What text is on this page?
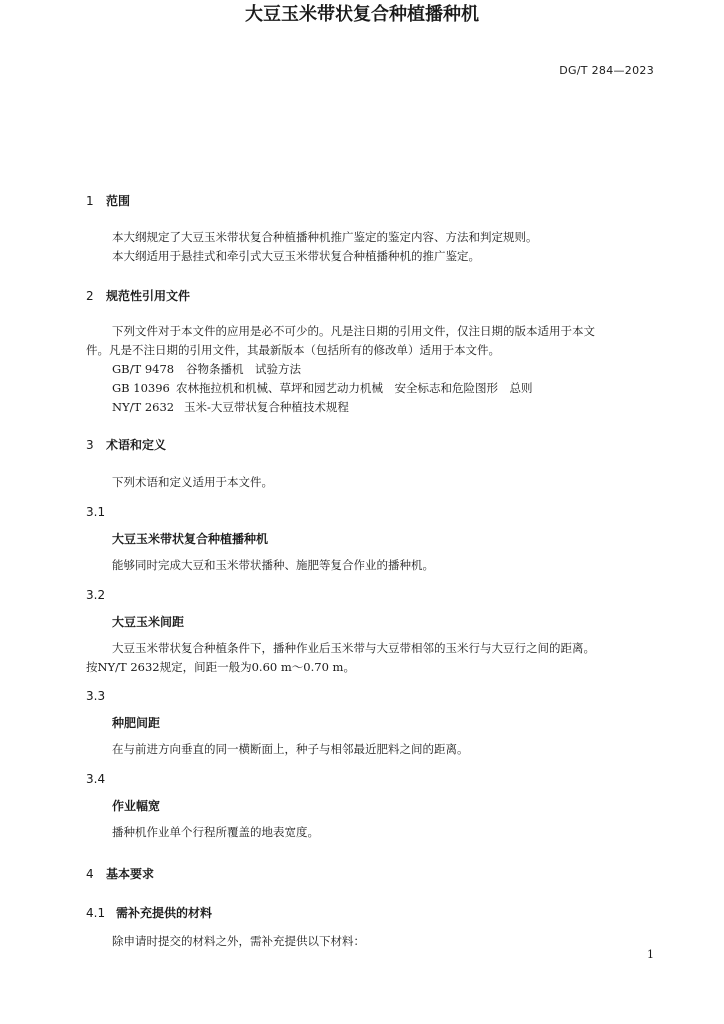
DG/T 284—2023
大豆玉米带状复合种植播种机
1 范围
本大纲规定了大豆玉米带状复合种植播种机推广鉴定的鉴定内容、方法和判定规则。
本大纲适用于悬挂式和牵引式大豆玉米带状复合种植播种机的推广鉴定。
2 规范性引用文件
下列文件对于本文件的应用是必不可少的。凡是注日期的引用文件，仅注日期的版本适用于本文
件。凡是不注日期的引用文件，其最新版本（包括所有的修改单）适用于本文件。
GB/T 9478 谷物条播机　试验方法
GB 10396 农林拖拉机和机械、草坪和园艺动力机械　安全标志和危险图形　总则
NY/T 2632 玉米-大豆带状复合种植技术规程
3 术语和定义
下列术语和定义适用于本文件。
3.1
大豆玉米带状复合种植播种机
能够同时完成大豆和玉米带状播种、施肥等复合作业的播种机。
3.2
大豆玉米间距
大豆玉米带状复合种植条件下，播种作业后玉米带与大豆带相邻的玉米行与大豆行之间的距离。
按NY/T 2632规定，间距一般为0.60 m～0.70 m。
3.3
种肥间距
在与前进方向垂直的同一横断面上，种子与相邻最近肥料之间的距离。
3.4
作业幅宽
播种机作业单个行程所覆盖的地表宽度。
4 基本要求
4.1 需补充提供的材料
除申请时提交的材料之外，需补充提供以下材料：
1
